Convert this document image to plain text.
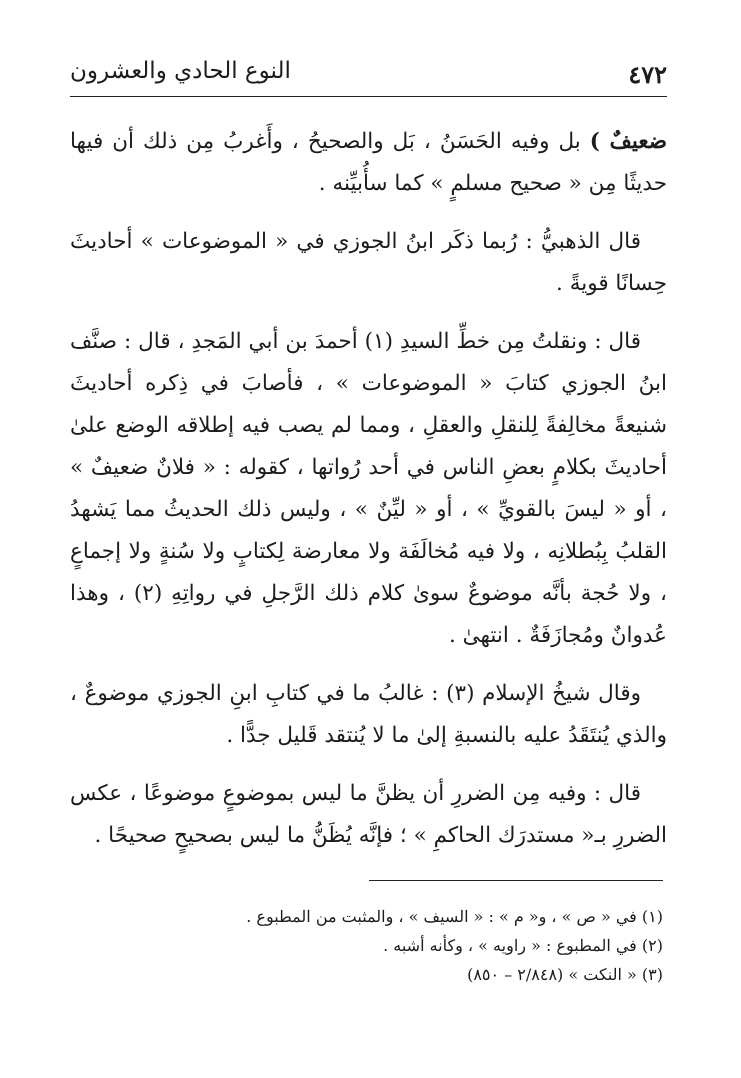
٤٧٢
النوع الحادي والعشرون

ضعيفٌ ) بل وفيه الحَسَنُ ، بَل والصحيحُ ، وأَغربُ مِن ذلك أن فيها حديثًا مِن « صحيح مسلمٍ » كما سأُبيِّنه .

قال الذهبيُّ : رُبما ذكَر ابنُ الجوزي في « الموضوعات » أحاديثَ حِسانًا قويةً .

قال : ونقلتُ مِن خطِّ السيدِ (١) أحمدَ بن أبي المَجدِ ، قال : صنَّف ابنُ الجوزي كتابَ « الموضوعات » ، فأصابَ في ذِكره أحاديثَ شنيعةً مخالِفةً لِلنقلِ والعقلِ ، ومما لم يصب فيه إطلاقه الوضع علىٰ أحاديثَ بكلامٍ بعضِ الناس في أحد رُواتها ، كقوله : « فلانٌ ضعيفٌ » ، أو « ليسَ بالقويِّ » ، أو « ليِّنٌ » ، وليس ذلك الحديثُ مما يَشهدُ القلبُ بِبُطلانِه ، ولا فيه مُخالَفَة ولا معارضة لِكتابٍ ولا سُنةٍ ولا إجماعٍ ، ولا حُجة بأنَّه موضوعٌ سوىٰ كلام ذلك الرَّجلِ في رواتِهِ (٢) ، وهذا عُدوانٌ ومُجازَفَةٌ . انتهىٰ .

وقال شيخُ الإسلام (٣) : غالبُ ما في كتابِ ابنِ الجوزي موضوعٌ ، والذي يُنتَقَدُ عليه بالنسبةِ إلىٰ ما لا يُنتقد قَليل جدًّا .

قال : وفيه مِن الضررِ أن يظنَّ ما ليس بموضوعٍ موضوعًا ، عكس الضررِ بـ« مستدرَك الحاكمِ » ؛ فإنَّه يُظَنُّ ما ليس بصحيحٍ صحيحًا .

(١) في « ص » ، و« م » : « السيف » ، والمثبت من المطبوع .

(٢) في المطبوع : « راويه » ، وكأنه أشبه .

(٣) « النكت » (٢/٨٤٨ – ٨٥٠)
